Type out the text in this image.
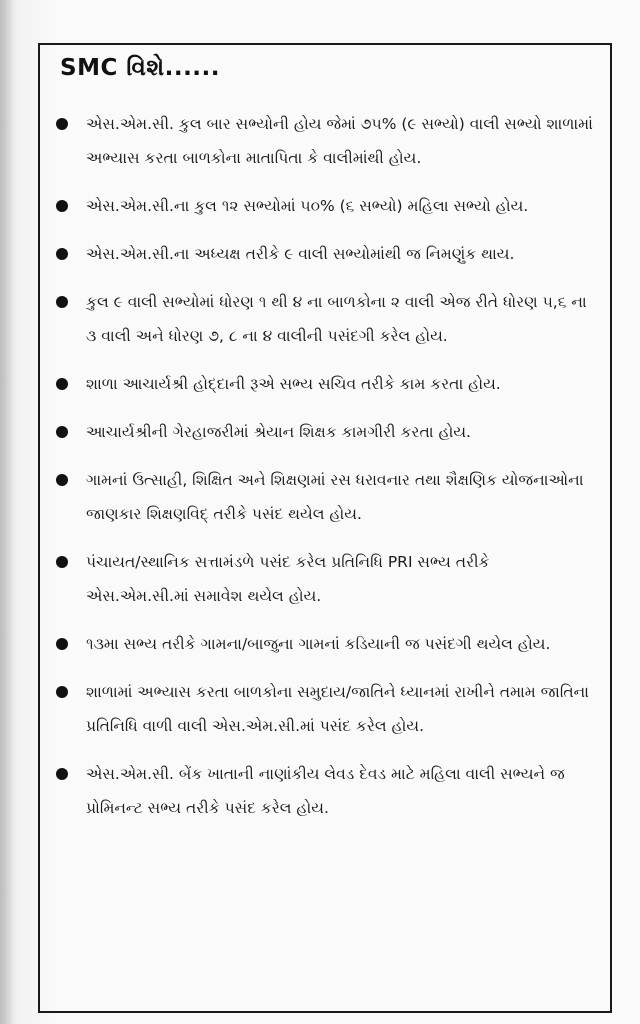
SMC વિશે......
એસ.એમ.સી. કુલ બાર સભ્યોની હોય જેમાં ૭૫% (૯ સભ્યો) વાલી સભ્યો શાળામાં અભ્યાસ કરતા બાળકોના માતાપિતા કે વાલીમાંથી હોય.
એસ.એમ.સી.ના કુલ ૧૨ સભ્યોમાં ૫૦% (૬ સભ્યો) મહિલા સભ્યો હોય.
એસ.એમ.સી.ના અધ્યક્ષ તરીકે ૯ વાલી સભ્યોમાંથી જ નિમણુંક થાય.
કુલ ૯ વાલી સભ્યોમાં ધોરણ ૧ થી ૪ ના બાળકોના ૨ વાલી એજ રીતે ધોરણ ૫,૬ ના ૩ વાલી અને ધોરણ ૭, ૮ ના ૪ વાલીની પસંદગી કરેલ હોય.
શાળા આચાર્યશ્રી હોદ્દાની રૂએ સભ્ય સચિવ તરીકે કામ કરતા હોય.
આચાર્યશ્રીની ગેરહાજરીમાં શ્રેયાન શિક્ષક કામગીરી કરતા હોય.
ગામનાં ઉત્સાહી, શિક્ષિત અને શિક્ષણમાં રસ ધરાવનાર તથા શૈક્ષણિક યોજનાઓના જાણકાર શિક્ષણવિદ્ તરીકે પસંદ થયેલ હોય.
પંચાયત/સ્થાનિક સત્તામંડળે પસંદ કરેલ પ્રતિનિધિ PRI સભ્ય તરીકે એસ.એમ.સી.માં સમાવેશ થયેલ હોય.
૧૩મા સભ્ય તરીકે ગામના/બાજુના ગામનાં કડિયાની જ પસંદગી થયેલ હોય.
શાળામાં અભ્યાસ કરતા બાળકોના સમુદાય/જાતિને ધ્યાનમાં રાખીને તમામ જાતિના પ્રતિનિધિ વાળી વાલી એસ.એમ.સી.માં પસંદ કરેલ હોય.
એસ.એમ.સી. બેંક ખાતાની નાણાંકીય લેવડ દેવડ માટે મહિલા વાલી સભ્યને જ પ્રોમિનન્ટ સભ્ય તરીકે પસંદ કરેલ હોય.
